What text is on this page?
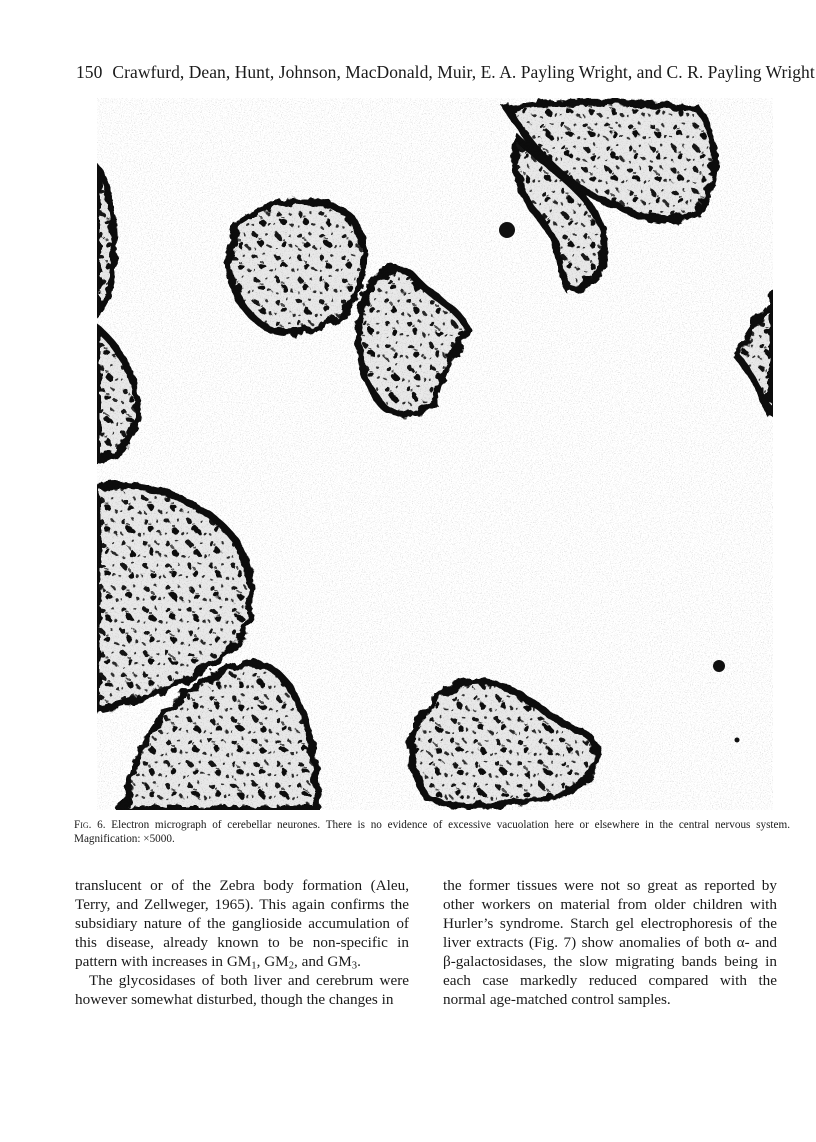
150 Crawfurd, Dean, Hunt, Johnson, MacDonald, Muir, E. A. Payling Wright, and C. R. Payling Wright
Fig. 6. Electron micrograph of cerebellar neurones. There is no evidence of excessive vacuolation here or elsewhere in the central nervous system. Magnification: ×5000.

translucent or of the Zebra body formation (Aleu, Terry, and Zellweger, 1965). This again confirms the subsidiary nature of the ganglioside accumulation of this disease, already known to be non-specific in pattern with increases in $GM_1$, $GM_2$, and $GM_3$.

The glycosidases of both liver and cerebrum were however somewhat disturbed, though the changes in

the former tissues were not so great as reported by other workers on material from older children with Hurler’s syndrome. Starch gel electrophoresis of the liver extracts (Fig. 7) show anomalies of both α- and β-galactosidases, the slow migrating bands being in each case markedly reduced compared with the normal age-matched control samples.
